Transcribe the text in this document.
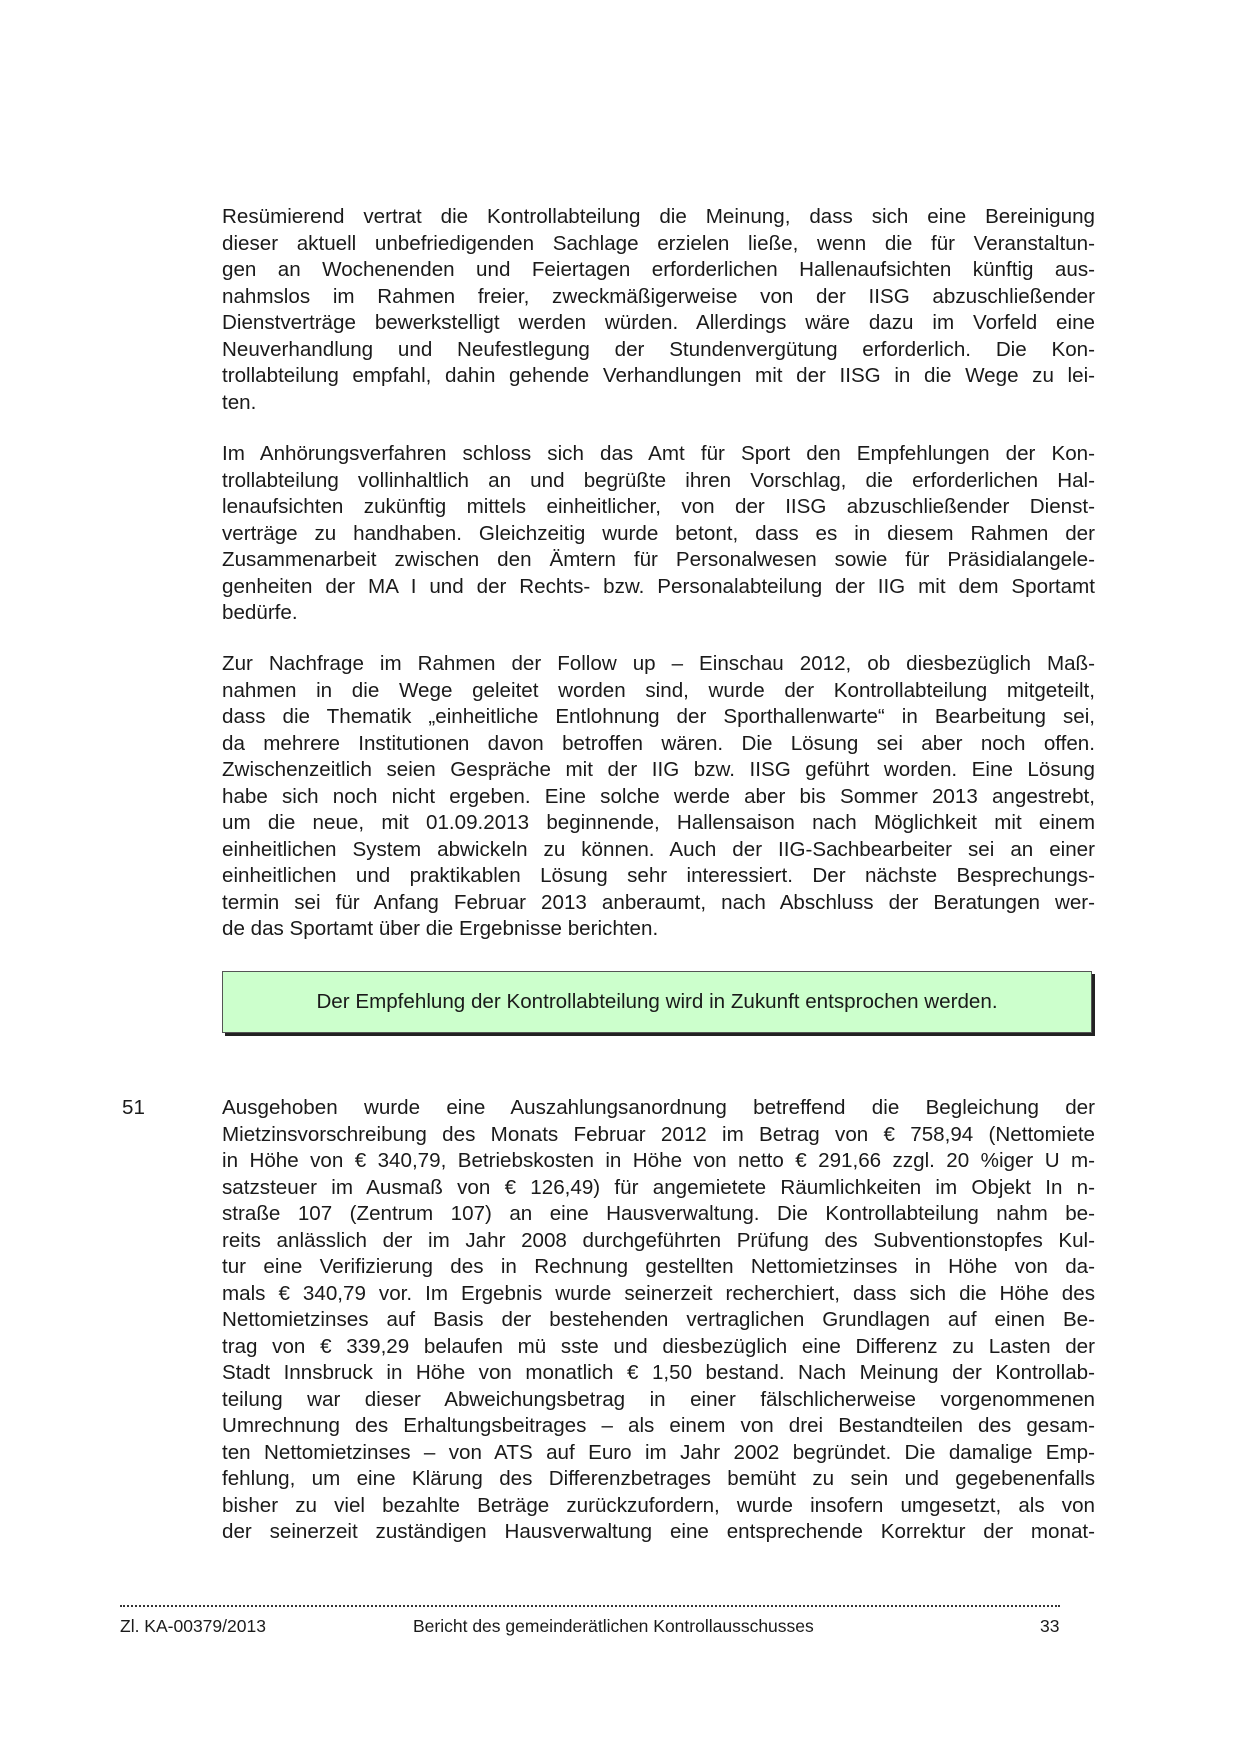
Resümierend vertrat die Kontrollabteilung die Meinung, dass sich eine Bereinigung
dieser aktuell unbefriedigenden Sachlage erzielen ließe, wenn die für Veranstaltun-
gen an Wochenenden und Feiertagen erforderlichen Hallenaufsichten künftig aus-
nahmslos im Rahmen freier, zweckmäßigerweise von der IISG abzuschließender
Dienstverträge bewerkstelligt werden würden. Allerdings wäre dazu im Vorfeld eine
Neuverhandlung und Neufestlegung der Stundenvergütung erforderlich. Die Kon-
trollabteilung empfahl, dahin gehende Verhandlungen mit der IISG in die Wege zu lei-
ten.
Im Anhörungsverfahren schloss sich das Amt für Sport den Empfehlungen der Kon-
trollabteilung vollinhaltlich an und begrüßte ihren Vorschlag, die erforderlichen Hal-
lenaufsichten zukünftig mittels einheitlicher, von der IISG abzuschließender Dienst-
verträge zu handhaben. Gleichzeitig wurde betont, dass es in diesem Rahmen der
Zusammenarbeit zwischen den Ämtern für Personalwesen sowie für Präsidialangele-
genheiten der MA I und der Rechts- bzw. Personalabteilung der IIG mit dem Sportamt
bedürfe.
Zur Nachfrage im Rahmen der Follow up – Einschau 2012, ob diesbezüglich Maß-
nahmen in die Wege geleitet worden sind, wurde der Kontrollabteilung mitgeteilt,
dass die Thematik „einheitliche Entlohnung der Sporthallenwarte“ in Bearbeitung sei,
da mehrere Institutionen davon betroffen wären. Die Lösung sei aber noch offen.
Zwischenzeitlich seien Gespräche mit der IIG bzw. IISG geführt worden. Eine Lösung
habe sich noch nicht ergeben. Eine solche werde aber bis Sommer 2013 angestrebt,
um die neue, mit 01.09.2013 beginnende, Hallensaison nach Möglichkeit mit einem
einheitlichen System abwickeln zu können. Auch der IIG-Sachbearbeiter sei an einer
einheitlichen und praktikablen Lösung sehr interessiert. Der nächste Besprechungs-
termin sei für Anfang Februar 2013 anberaumt, nach Abschluss der Beratungen wer-
de das Sportamt über die Ergebnisse berichten.
Der Empfehlung der Kontrollabteilung wird in Zukunft entsprochen werden.
51	Ausgehoben wurde eine Auszahlungsanordnung betreffend die Begleichung der
Mietzinsvorschreibung des Monats Februar 2012 im Betrag von € 758,94 (Nettomiete
in Höhe von € 340,79, Betriebskosten in Höhe von netto € 291,66 zzgl. 20 %iger U m-
satzsteuer im Ausmaß von € 126,49) für angemietete Räumlichkeiten im Objekt In n-
straße 107 (Zentrum 107) an eine Hausverwaltung. Die Kontrollabteilung nahm be-
reits anlässlich der im Jahr 2008 durchgeführten Prüfung des Subventionstopfes Kul-
tur eine Verifizierung des in Rechnung gestellten Nettomietzinses in Höhe von da-
mals € 340,79 vor. Im Ergebnis wurde seinerzeit recherchiert, dass sich die Höhe des
Nettomietzinses auf Basis der bestehenden vertraglichen Grundlagen auf einen Be-
trag von € 339,29 belaufen mü sste und diesbezüglich eine Differenz zu Lasten der
Stadt Innsbruck in Höhe von monatlich € 1,50 bestand. Nach Meinung der Kontrollab-
teilung war dieser Abweichungsbetrag in einer fälschlicherweise vorgenommenen
Umrechnung des Erhaltungsbeitrages – als einem von drei Bestandteilen des gesam-
ten Nettomietzinses – von ATS auf Euro im Jahr 2002 begründet. Die damalige Emp-
fehlung, um eine Klärung des Differenzbetrages bemüht zu sein und gegebenenfalls
bisher zu viel bezahlte Beträge zurückzufordern, wurde insofern umgesetzt, als von
der seinerzeit zuständigen Hausverwaltung eine entsprechende Korrektur der monat-
Zl. KA-00379/2013	Bericht des gemeinderätlichen Kontrollausschusses	33
